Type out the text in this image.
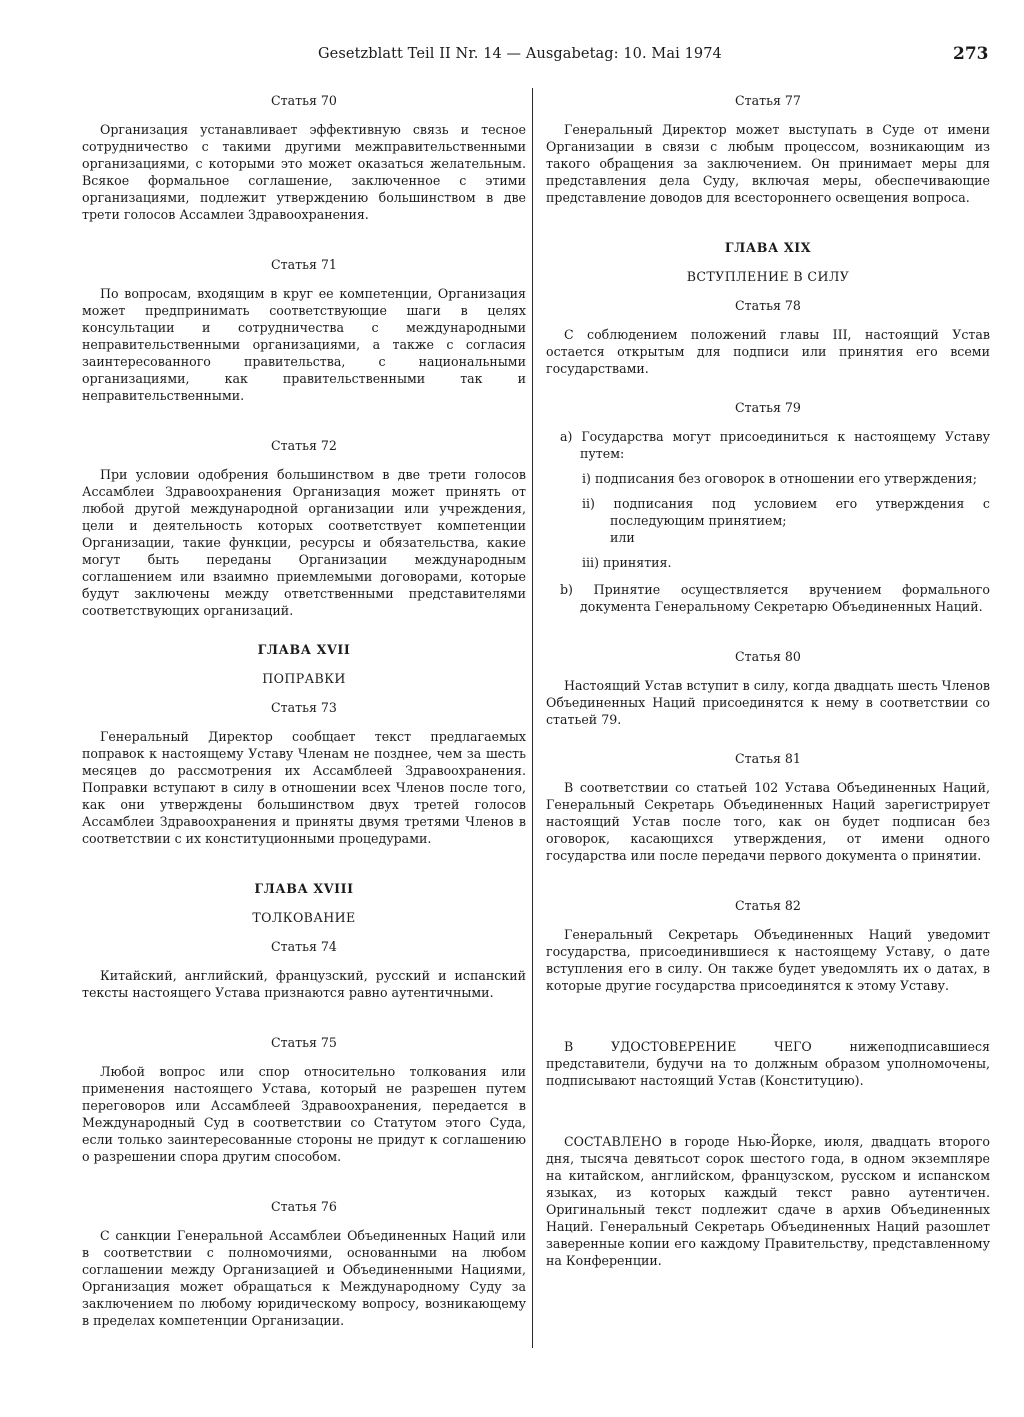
Gesetzblatt Teil II Nr. 14 — Ausgabetag: 10. Mai 1974	273
Статья 70

Организация устанавливает эффективную связь и тесное сотрудничество с такими другими межправительственными организациями, с которыми это может оказаться желательным. Всякое формальное соглашение, заключенное с этими организациями, подлежит утверждению большинством в две трети голосов Ассамлеи Здравоохранения.

Статья 71

По вопросам, входящим в круг ее компетенции, Организация может предпринимать соответствующие шаги в целях консультации и сотрудничества с международными неправительственными организациями, а также с согласия заинтересованного правительства, с национальными организациями, как правительственными так и неправительственными.

Статья 72

При условии одобрения большинством в две трети голосов Ассамблеи Здравоохранения Организация может принять от любой другой международной организации или учреждения, цели и деятельность которых соответствует компетенции Организации, такие функции, ресурсы и обязательства, какие могут быть переданы Организации международным соглашением или взаимно приемлемыми договорами, которые будут заключены между ответственными представителями соответствующих организаций.

ГЛАВА XVII
ПОПРАВКИ
Статья 73

Генеральный Директор сообщает текст предлагаемых поправок к настоящему Уставу Членам не позднее, чем за шесть месяцев до рассмотрения их Ассамблеей Здравоохранения. Поправки вступают в силу в отношении всех Членов после того, как они утверждены большинством двух третей голосов Ассамблеи Здравоохранения и приняты двумя третями Членов в соответствии с их конституционными процедурами.

ГЛАВА XVIII
ТОЛКОВАНИЕ
Статья 74

Китайский, английский, французский, русский и испанский тексты настоящего Устава признаются равно аутентичными.

Статья 75

Любой вопрос или спор относительно толкования или применения настоящего Устава, который не разрешен путем переговоров или Ассамблеей Здравоохранения, передается в Международный Суд в соответствии со Статутом этого Суда, если только заинтересованные стороны не придут к соглашению о разрешении спора другим способом.

Статья 76

С санкции Генеральной Ассамблеи Объединенных Наций или в соответствии с полномочиями, основанными на любом соглашении между Организацией и Объединенными Нациями, Организация может обращаться к Международному Суду за заключением по любому юридическому вопросу, возникающему в пределах компетенции Организации.

Статья 77

Генеральный Директор может выступать в Суде от имени Организации в связи с любым процессом, возникающим из такого обращения за заключением. Он принимает меры для представления дела Суду, включая меры, обеспечивающие представление доводов для всестороннего освещения вопроса.

ГЛАВА XIX
ВСТУПЛЕНИЕ В СИЛУ
Статья 78

С соблюдением положений главы III, настоящий Устав остается открытым для подписи или принятия его всеми государствами.

Статья 79

а) Государства могут присоединиться к настоящему Уставу путем:

i) подписания без оговорок в отношении его утверждения;

ii) подписания под условием его утверждения с последующим принятием;

или

iii) принятия.

b) Принятие осуществляется вручением формального документа Генеральному Секретарю Объединенных Наций.

Статья 80

Настоящий Устав вступит в силу, когда двадцать шесть Членов Объединенных Наций присоединятся к нему в соответствии со статьей 79.

Статья 81

В соответствии со статьей 102 Устава Объединенных Наций, Генеральный Секретарь Объединенных Наций зарегистрирует настоящий Устав после того, как он будет подписан без оговорок, касающихся утверждения, от имени одного государства или после передачи первого документа о принятии.

Статья 82

Генеральный Секретарь Объединенных Наций уведомит государства, присоединившиеся к настоящему Уставу, о дате вступления его в силу. Он также будет уведомлять их о датах, в которые другие государства присоединятся к этому Уставу.

В УДОСТОВЕРЕНИЕ ЧЕГО нижеподписавшиеся представители, будучи на то должным образом уполномочены, подписывают настоящий Устав (Конституцию).

СОСТАВЛЕНО в городе Нью-Йорке, июля, двадцать второго дня, тысяча девятьсот сорок шестого года, в одном экземпляре на китайском, английском, французском, русском и испанском языках, из которых каждый текст равно аутентичен. Оригинальный текст подлежит сдаче в архив Объединенных Наций. Генеральный Секретарь Объединенных Наций разошлет заверенные копии его каждому Правительству, представленному на Конференции.
